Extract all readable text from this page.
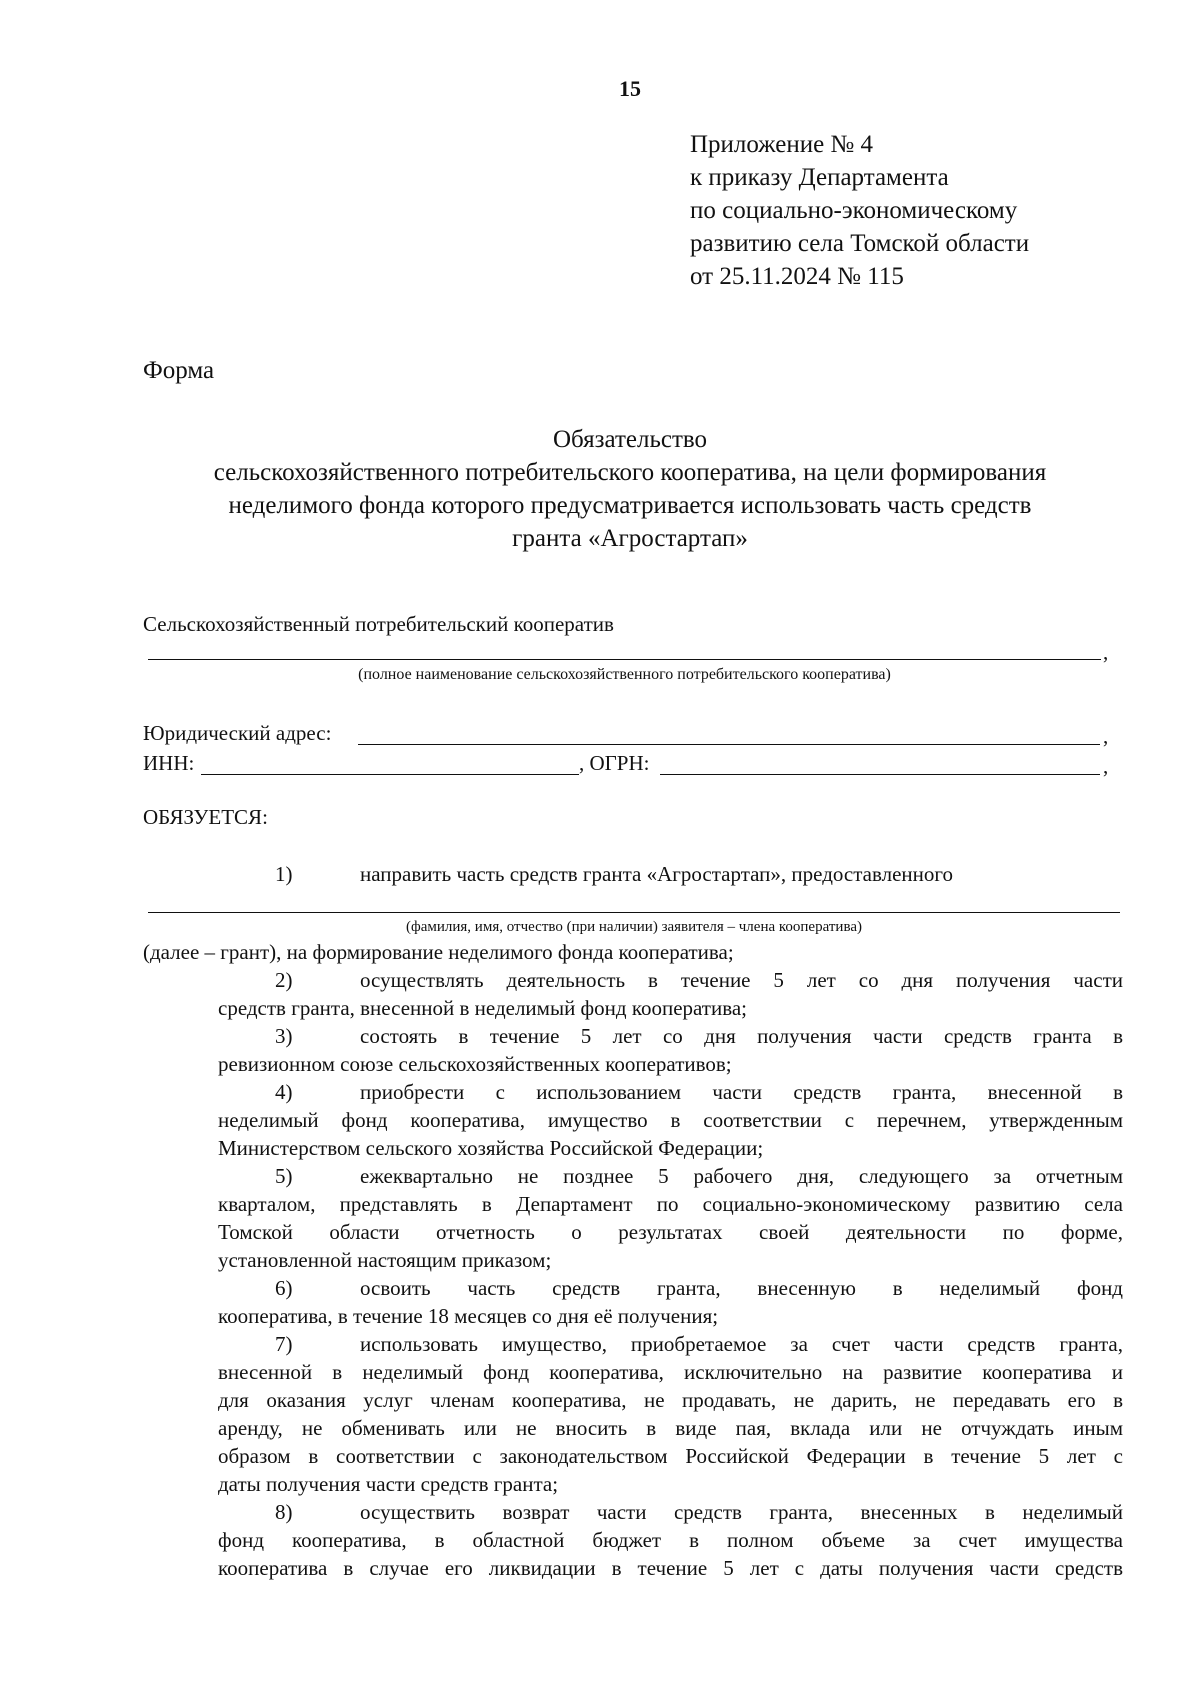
15
Приложение № 4
к приказу Департамента
по социально-экономическому
развитию села Томской области
от 25.11.2024 № 115
Форма
Обязательство
сельскохозяйственного потребительского кооператива, на цели формирования
неделимого фонда которого предусматривается использовать часть средств
гранта «Агростартап»
Сельскохозяйственный потребительский кооператив
,
(полное наименование сельскохозяйственного потребительского кооператива)
Юридический адрес:	,
ИНН:	, ОГРН:	,
ОБЯЗУЕТСЯ:
1)	направить часть средств гранта «Агростартап», предоставленного
(фамилия, имя, отчество (при наличии) заявителя – члена кооператива)
(далее – грант), на формирование неделимого фонда кооператива;
2)	осуществлять деятельность в течение 5 лет со дня получения части
средств гранта, внесенной в неделимый фонд кооператива;
3)	состоять в течение 5 лет со дня получения части средств гранта в
ревизионном союзе сельскохозяйственных кооперативов;
4)	приобрести с использованием части средств гранта, внесенной в
неделимый фонд кооператива, имущество в соответствии с перечнем, утвержденным
Министерством сельского хозяйства Российской Федерации;
5)	ежеквартально не позднее 5 рабочего дня, следующего за отчетным
кварталом, представлять в Департамент по социально-экономическому развитию села
Томской области отчетность о результатах своей деятельности по форме,
установленной настоящим приказом;
6)	освоить часть средств гранта, внесенную в неделимый фонд
кооператива, в течение 18 месяцев со дня её получения;
7)	использовать имущество, приобретаемое за счет части средств гранта,
внесенной в неделимый фонд кооператива, исключительно на развитие кооператива и
для оказания услуг членам кооператива, не продавать, не дарить, не передавать его в
аренду, не обменивать или не вносить в виде пая, вклада или не отчуждать иным
образом в соответствии с законодательством Российской Федерации в течение 5 лет с
даты получения части средств гранта;
8)	осуществить возврат части средств гранта, внесенных в неделимый
фонд кооператива, в областной бюджет в полном объеме за счет имущества
кооператива в случае его ликвидации в течение 5 лет с даты получения части средств
